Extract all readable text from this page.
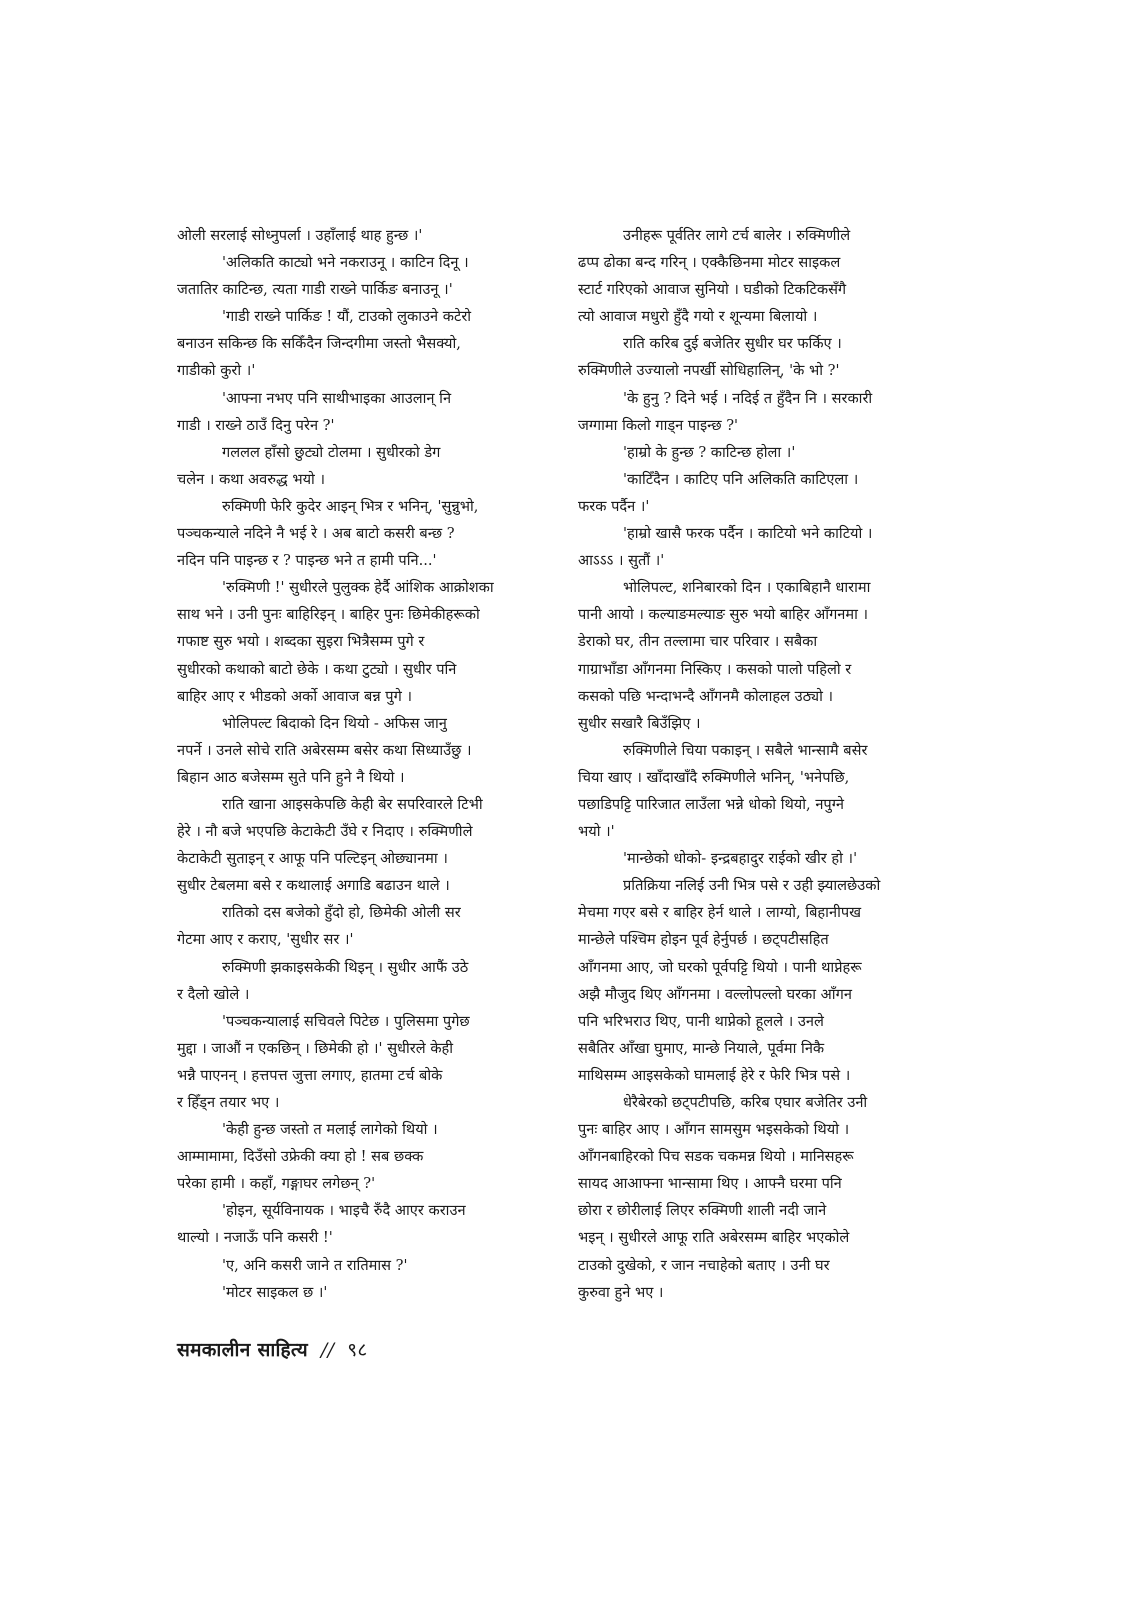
ओली सरलाई सोध्नुपर्ला । उहाँलाई थाह हुन्छ ।'

'अलिकति काट्यो भने नकराउनू । काटिन दिनू ।
जतातिर काटिन्छ, त्यता गाडी राख्ने पार्किङ बनाउनू ।'

'गाडी राख्ने पार्किङ ! यौं, टाउको लुकाउने कटेरो
बनाउन सकिन्छ कि सकिँदैन जिन्दगीमा जस्तो भैसक्यो,
गाडीको कुरो ।'

'आफ्ना नभए पनि साथीभाइका आउलान् नि
गाडी । राख्ने ठाउँ दिनु परेन ?'

गललल हाँसो छुट्यो टोलमा । सुधीरको डेग
चलेन । कथा अवरुद्ध भयो ।

रुक्मिणी फेरि कुदेर आइन् भित्र र भनिन्, 'सुन्नुभो,
पञ्चकन्याले नदिने नै भई रे । अब बाटो कसरी बन्छ ?
नदिन पनि पाइन्छ र ? पाइन्छ भने त हामी पनि...'

'रुक्मिणी !' सुधीरले पुलुक्क हेर्दै आंशिक आक्रोशका
साथ भने । उनी पुनः बाहिरिइन् । बाहिर पुनः छिमेकीहरूको
गफाष्ट सुरु भयो । शब्दका सुइरा भित्रैसम्म पुगे र
सुधीरको कथाको बाटो छेके । कथा टुट्यो । सुधीर पनि
बाहिर आए र भीडको अर्को आवाज बन्न पुगे ।

भोलिपल्ट बिदाको दिन थियो - अफिस जानु
नपर्ने । उनले सोचे राति अबेरसम्म बसेर कथा सिध्याउँछु ।
बिहान आठ बजेसम्म सुते पनि हुने नै थियो ।

राति खाना आइसकेपछि केही बेर सपरिवारले टिभी
हेरे । नौ बजे भएपछि केटाकेटी उँघे र निदाए । रुक्मिणीले
केटाकेटी सुताइन् र आफू पनि पल्टिइन् ओछ्यानमा ।
सुधीर टेबलमा बसे र कथालाई अगाडि बढाउन थाले ।

रातिको दस बजेको हुँदो हो, छिमेकी ओली सर
गेटमा आए र कराए, 'सुधीर सर ।'

रुक्मिणी झकाइसकेकी थिइन् । सुधीर आफैं उठे
र दैलो खोले ।

'पञ्चकन्यालाई सचिवले पिटेछ । पुलिसमा पुगेछ
मुद्दा । जाऔं न एकछिन् । छिमेकी हो ।' सुधीरले केही
भन्नै पाएनन् । हत्तपत्त जुत्ता लगाए, हातमा टर्च बोके
र हिँड्न तयार भए ।

'केही हुन्छ जस्तो त मलाई लागेको थियो ।
आम्मामामा, दिउँसो उफ्रेकी क्या हो ! सब छक्क
परेका हामी । कहाँ, गङ्गाघर लगेछन् ?'

'होइन, सूर्यविनायक । भाइचै रुँदै आएर कराउन
थाल्यो । नजाऊँ पनि कसरी !'

'ए, अनि कसरी जाने त रातिमास ?'

'मोटर साइकल छ ।'

उनीहरू पूर्वतिर लागे टर्च बालेर । रुक्मिणीले
ढप्प ढोका बन्द गरिन् । एक्कैछिनमा मोटर साइकल
स्टार्ट गरिएको आवाज सुनियो । घडीको टिकटिकसँगै
त्यो आवाज मधुरो हुँदै गयो र शून्यमा बिलायो ।

राति करिब दुई बजेतिर सुधीर घर फर्किए ।
रुक्मिणीले उज्यालो नपर्खी सोधिहालिन्, 'के भो ?'

'के हुनु ? दिने भई । नदिई त हुँदैन नि । सरकारी
जग्गामा किलो गाड्न पाइन्छ ?'

'हाम्रो के हुन्छ ? काटिन्छ होला ।'

'काटिँदैन । काटिए पनि अलिकति काटिएला ।
फरक पर्दैन ।'

'हाम्रो खासै फरक पर्दैन । काटियो भने काटियो ।
आऽऽऽ । सुतौं ।'

भोलिपल्ट, शनिबारको दिन । एकाबिहानै धारामा
पानी आयो । कल्याङमल्याङ सुरु भयो बाहिर आँगनमा ।
डेराको घर, तीन तल्लामा चार परिवार । सबैका
गाग्राभाँडा आँगनमा निस्किए । कसको पालो पहिलो र
कसको पछि भन्दाभन्दै आँगनमै कोलाहल उठ्यो ।
सुधीर सखारै बिउँझिए ।

रुक्मिणीले चिया पकाइन् । सबैले भान्सामै बसेर
चिया खाए । खाँदाखाँदै रुक्मिणीले भनिन्, 'भनेपछि,
पछाडिपट्टि पारिजात लाउँला भन्ने धोको थियो, नपुग्ने
भयो ।'

'मान्छेको धोको- इन्द्रबहादुर राईको खीर हो ।'

प्रतिक्रिया नलिई उनी भित्र पसे र उही झ्यालछेउको
मेचमा गएर बसे र बाहिर हेर्न थाले । लाग्यो, बिहानीपख
मान्छेले पश्चिम होइन पूर्व हेर्नुपर्छ । छट्पटीसहित
आँगनमा आए, जो घरको पूर्वपट्टि थियो । पानी थाप्नेहरू
अझै मौजुद थिए आँगनमा । वल्लोपल्लो घरका आँगन
पनि भरिभराउ थिए, पानी थाप्नेको हूलले । उनले
सबैतिर आँखा घुमाए, मान्छे नियाले, पूर्वमा निकै
माथिसम्म आइसकेको घामलाई हेरे र फेरि भित्र पसे ।

धेरैबेरको छट्पटीपछि, करिब एघार बजेतिर उनी
पुनः बाहिर आए । आँगन सामसुम भइसकेको थियो ।
आँगनबाहिरको पिच सडक चकमन्न थियो । मानिसहरू
सायद आआफ्ना भान्सामा थिए । आफ्नै घरमा पनि
छोरा र छोरीलाई लिएर रुक्मिणी शाली नदी जाने
भइन् । सुधीरले आफू राति अबेरसम्म बाहिर भएकोले
टाउको दुखेको, र जान नचाहेको बताए । उनी घर
कुरुवा हुने भए ।

समकालीन साहित्य // ९८
